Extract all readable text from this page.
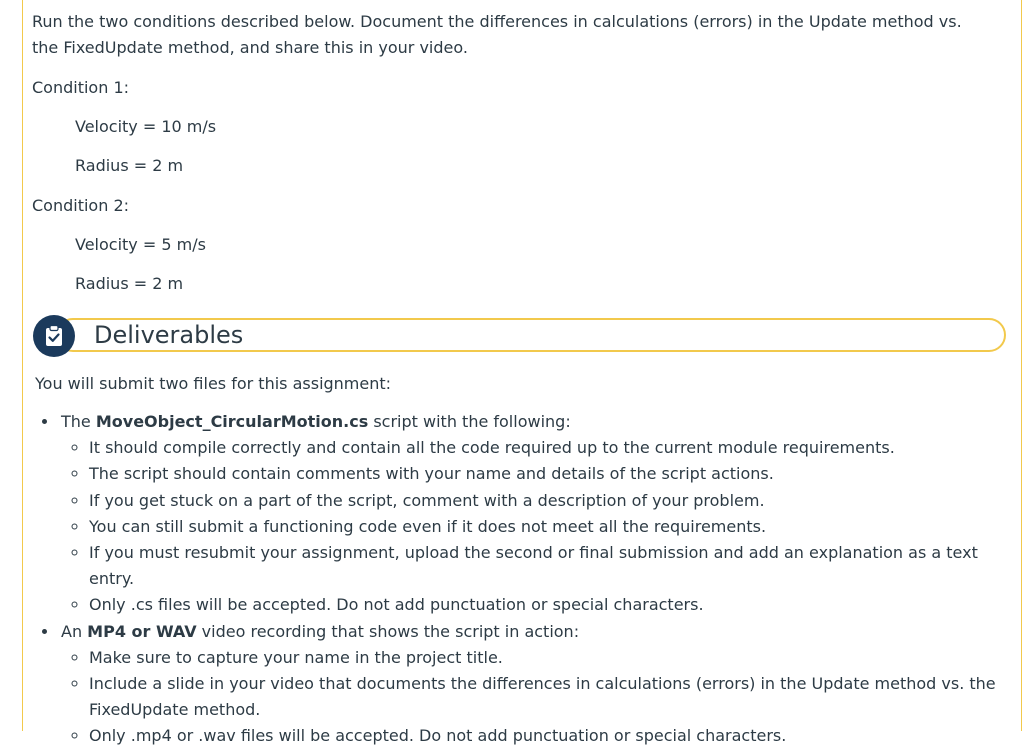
Run the two conditions described below. Document the differences in calculations (errors) in the Update method vs. the FixedUpdate method, and share this in your video.

Condition 1:

Velocity = 10 m/s

Radius = 2 m

Condition 2:

Velocity = 5 m/s

Radius = 2 m

Deliverables

You will submit two files for this assignment:

• The MoveObject_CircularMotion.cs script with the following:
◦ It should compile correctly and contain all the code required up to the current module requirements.
◦ The script should contain comments with your name and details of the script actions.
◦ If you get stuck on a part of the script, comment with a description of your problem.
◦ You can still submit a functioning code even if it does not meet all the requirements.
◦ If you must resubmit your assignment, upload the second or final submission and add an explanation as a text entry.
◦ Only .cs files will be accepted. Do not add punctuation or special characters.
• An MP4 or WAV video recording that shows the script in action:
◦ Make sure to capture your name in the project title.
◦ Include a slide in your video that documents the differences in calculations (errors) in the Update method vs. the FixedUpdate method.
◦ Only .mp4 or .wav files will be accepted. Do not add punctuation or special characters.
